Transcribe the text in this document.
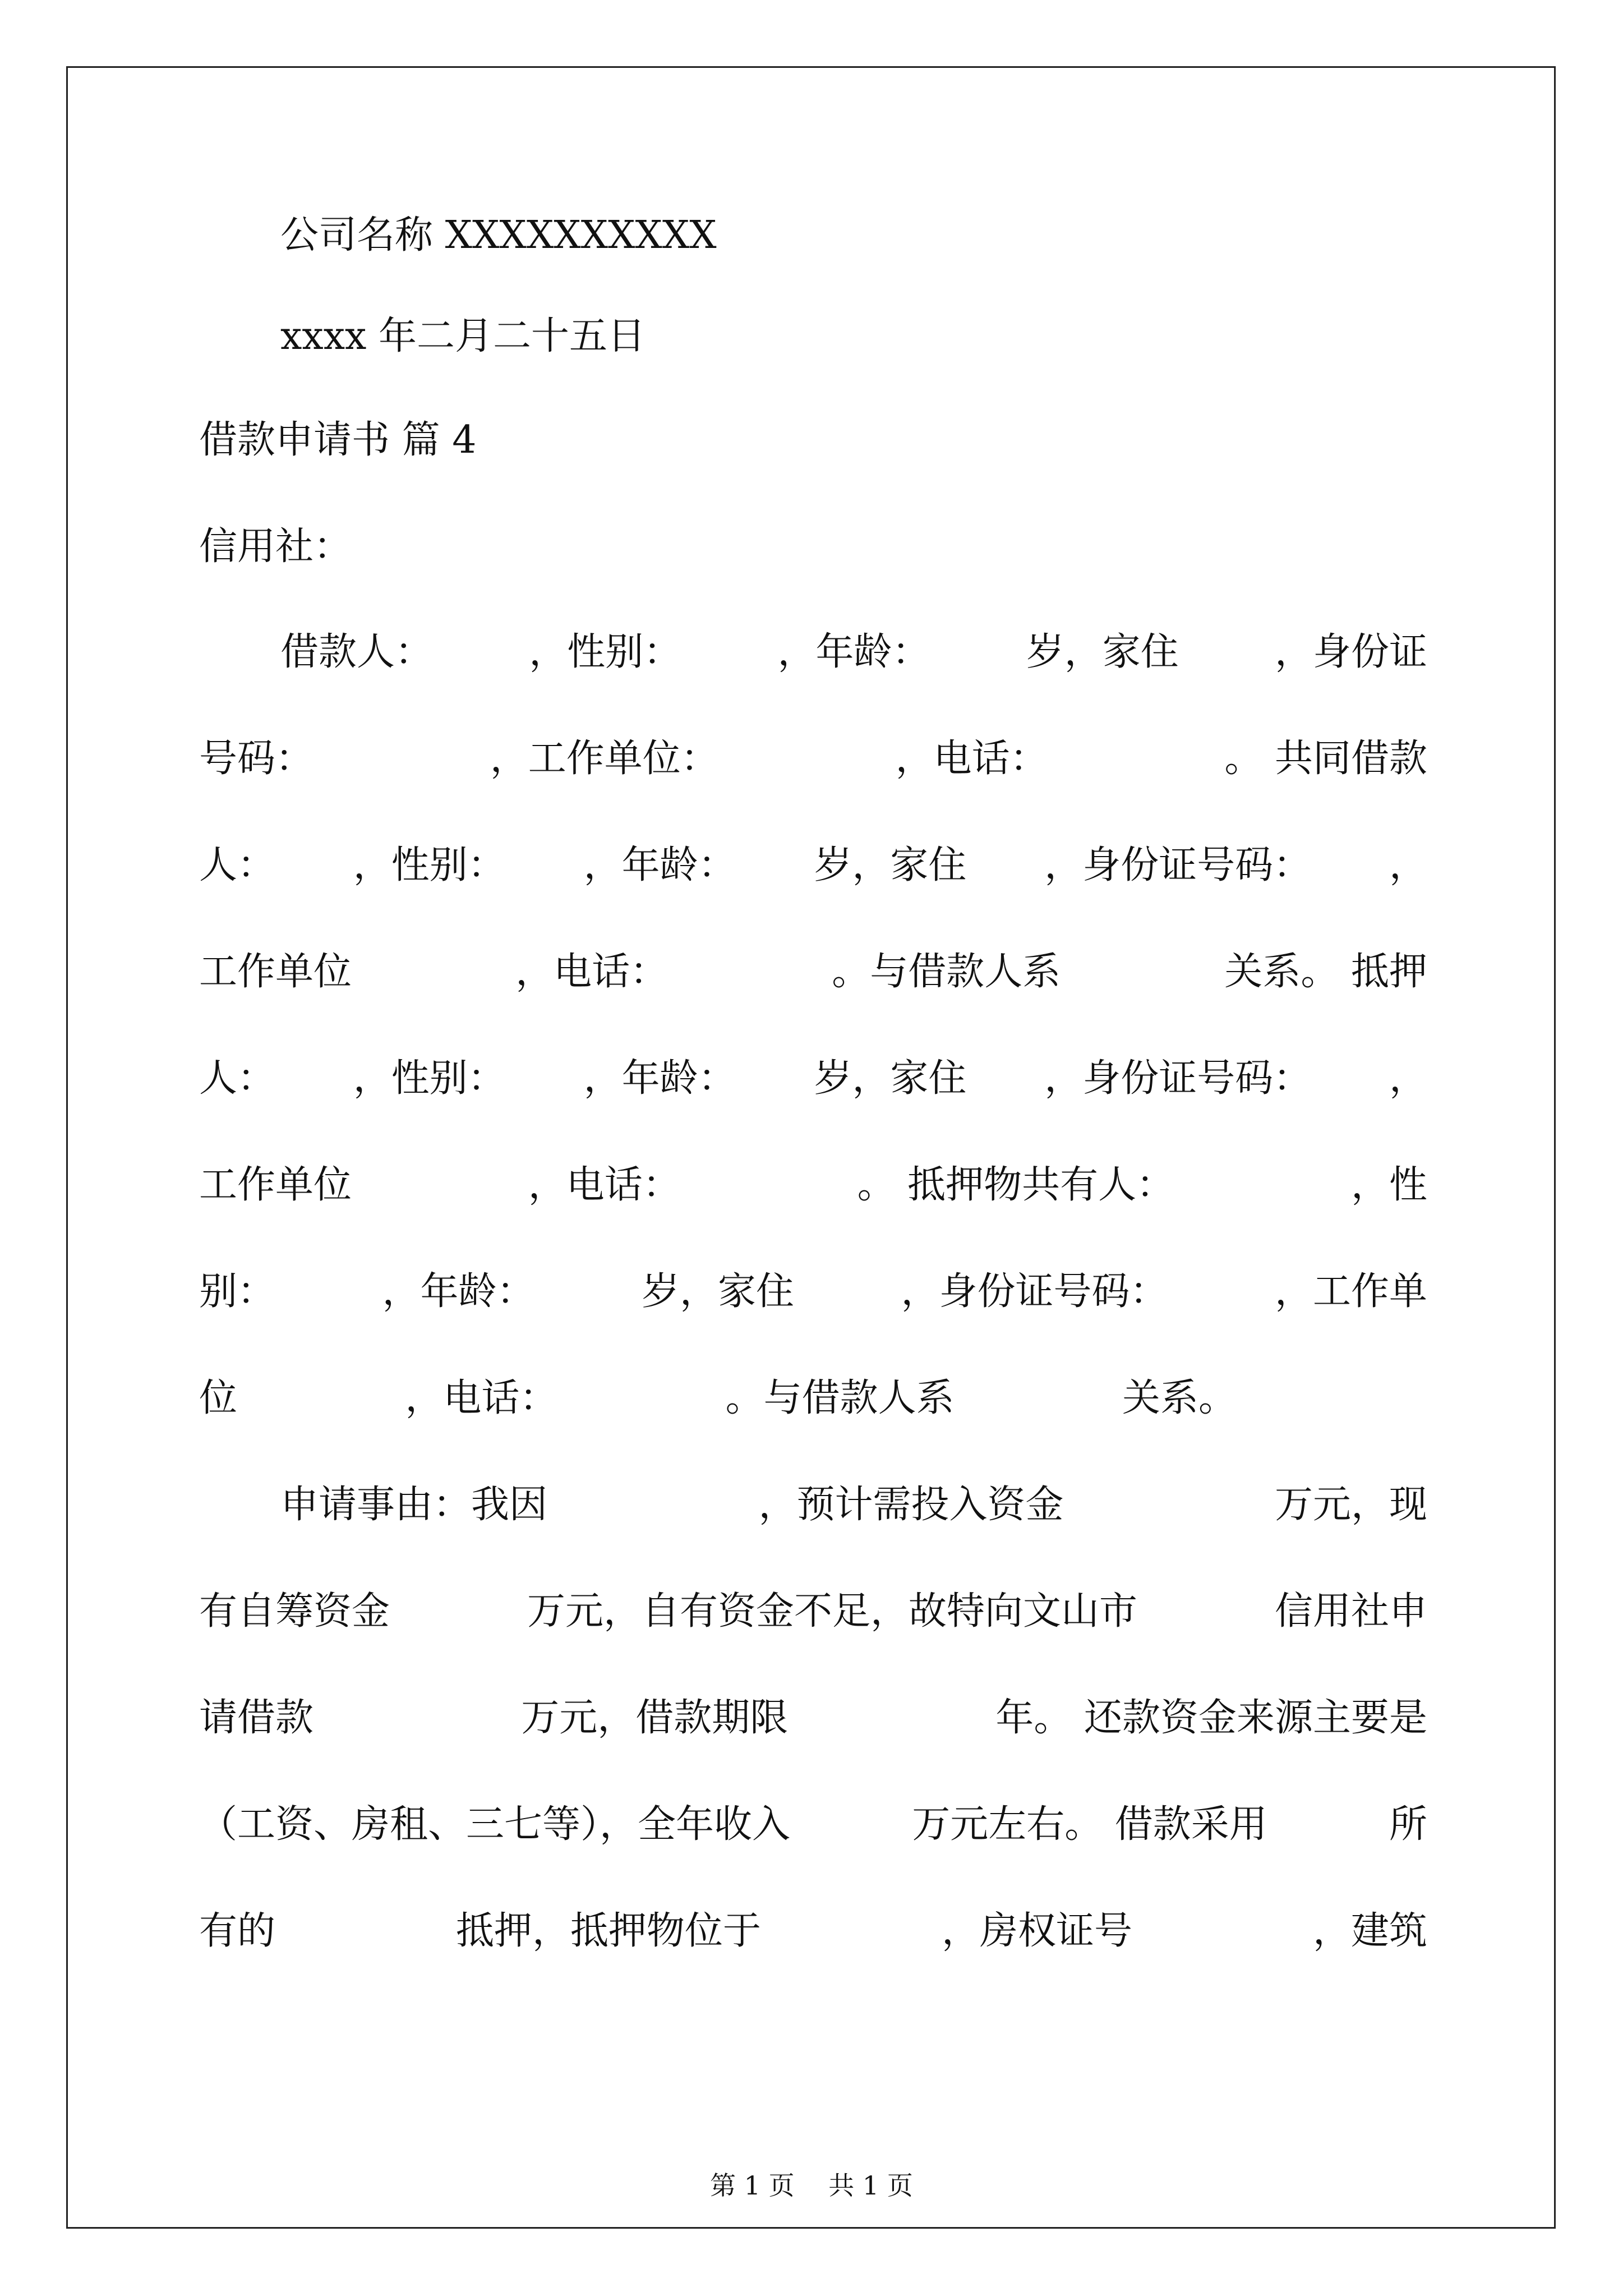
公司名称 XXXXXXXXXX
xxxx 年二月二十五日
借款申请书 篇 4
信用社：
借款人：	，性别：	，年龄：	岁，家住	，身份证
号码：	，工作单位：	，电话：	。 共同借款
人： ，性别： ，年龄： 岁，家住 ，身份证号码： ，
工作单位	，电话：	。与借款人系	关系。 抵押
人： ，性别： ，年龄： 岁，家住 ，身份证号码： ，
工作单位	，电话：	。 抵押物共有人：	，性
别：	，年龄：	岁，家住	，身份证号码：	，工作单
位	，电话：	。与借款人系	关系。
申请事由：我因	，预计需投入资金	万元，现
有自筹资金	万元，自有资金不足，故特向文山市	信用社申
请借款	万元，借款期限	年。 还款资金来源主要是
（工资、房租、三七等），全年收入	万元左右。 借款采用	所
有的	抵押，抵押物位于	，房权证号	，建筑
第 1 页　 共 1 页
